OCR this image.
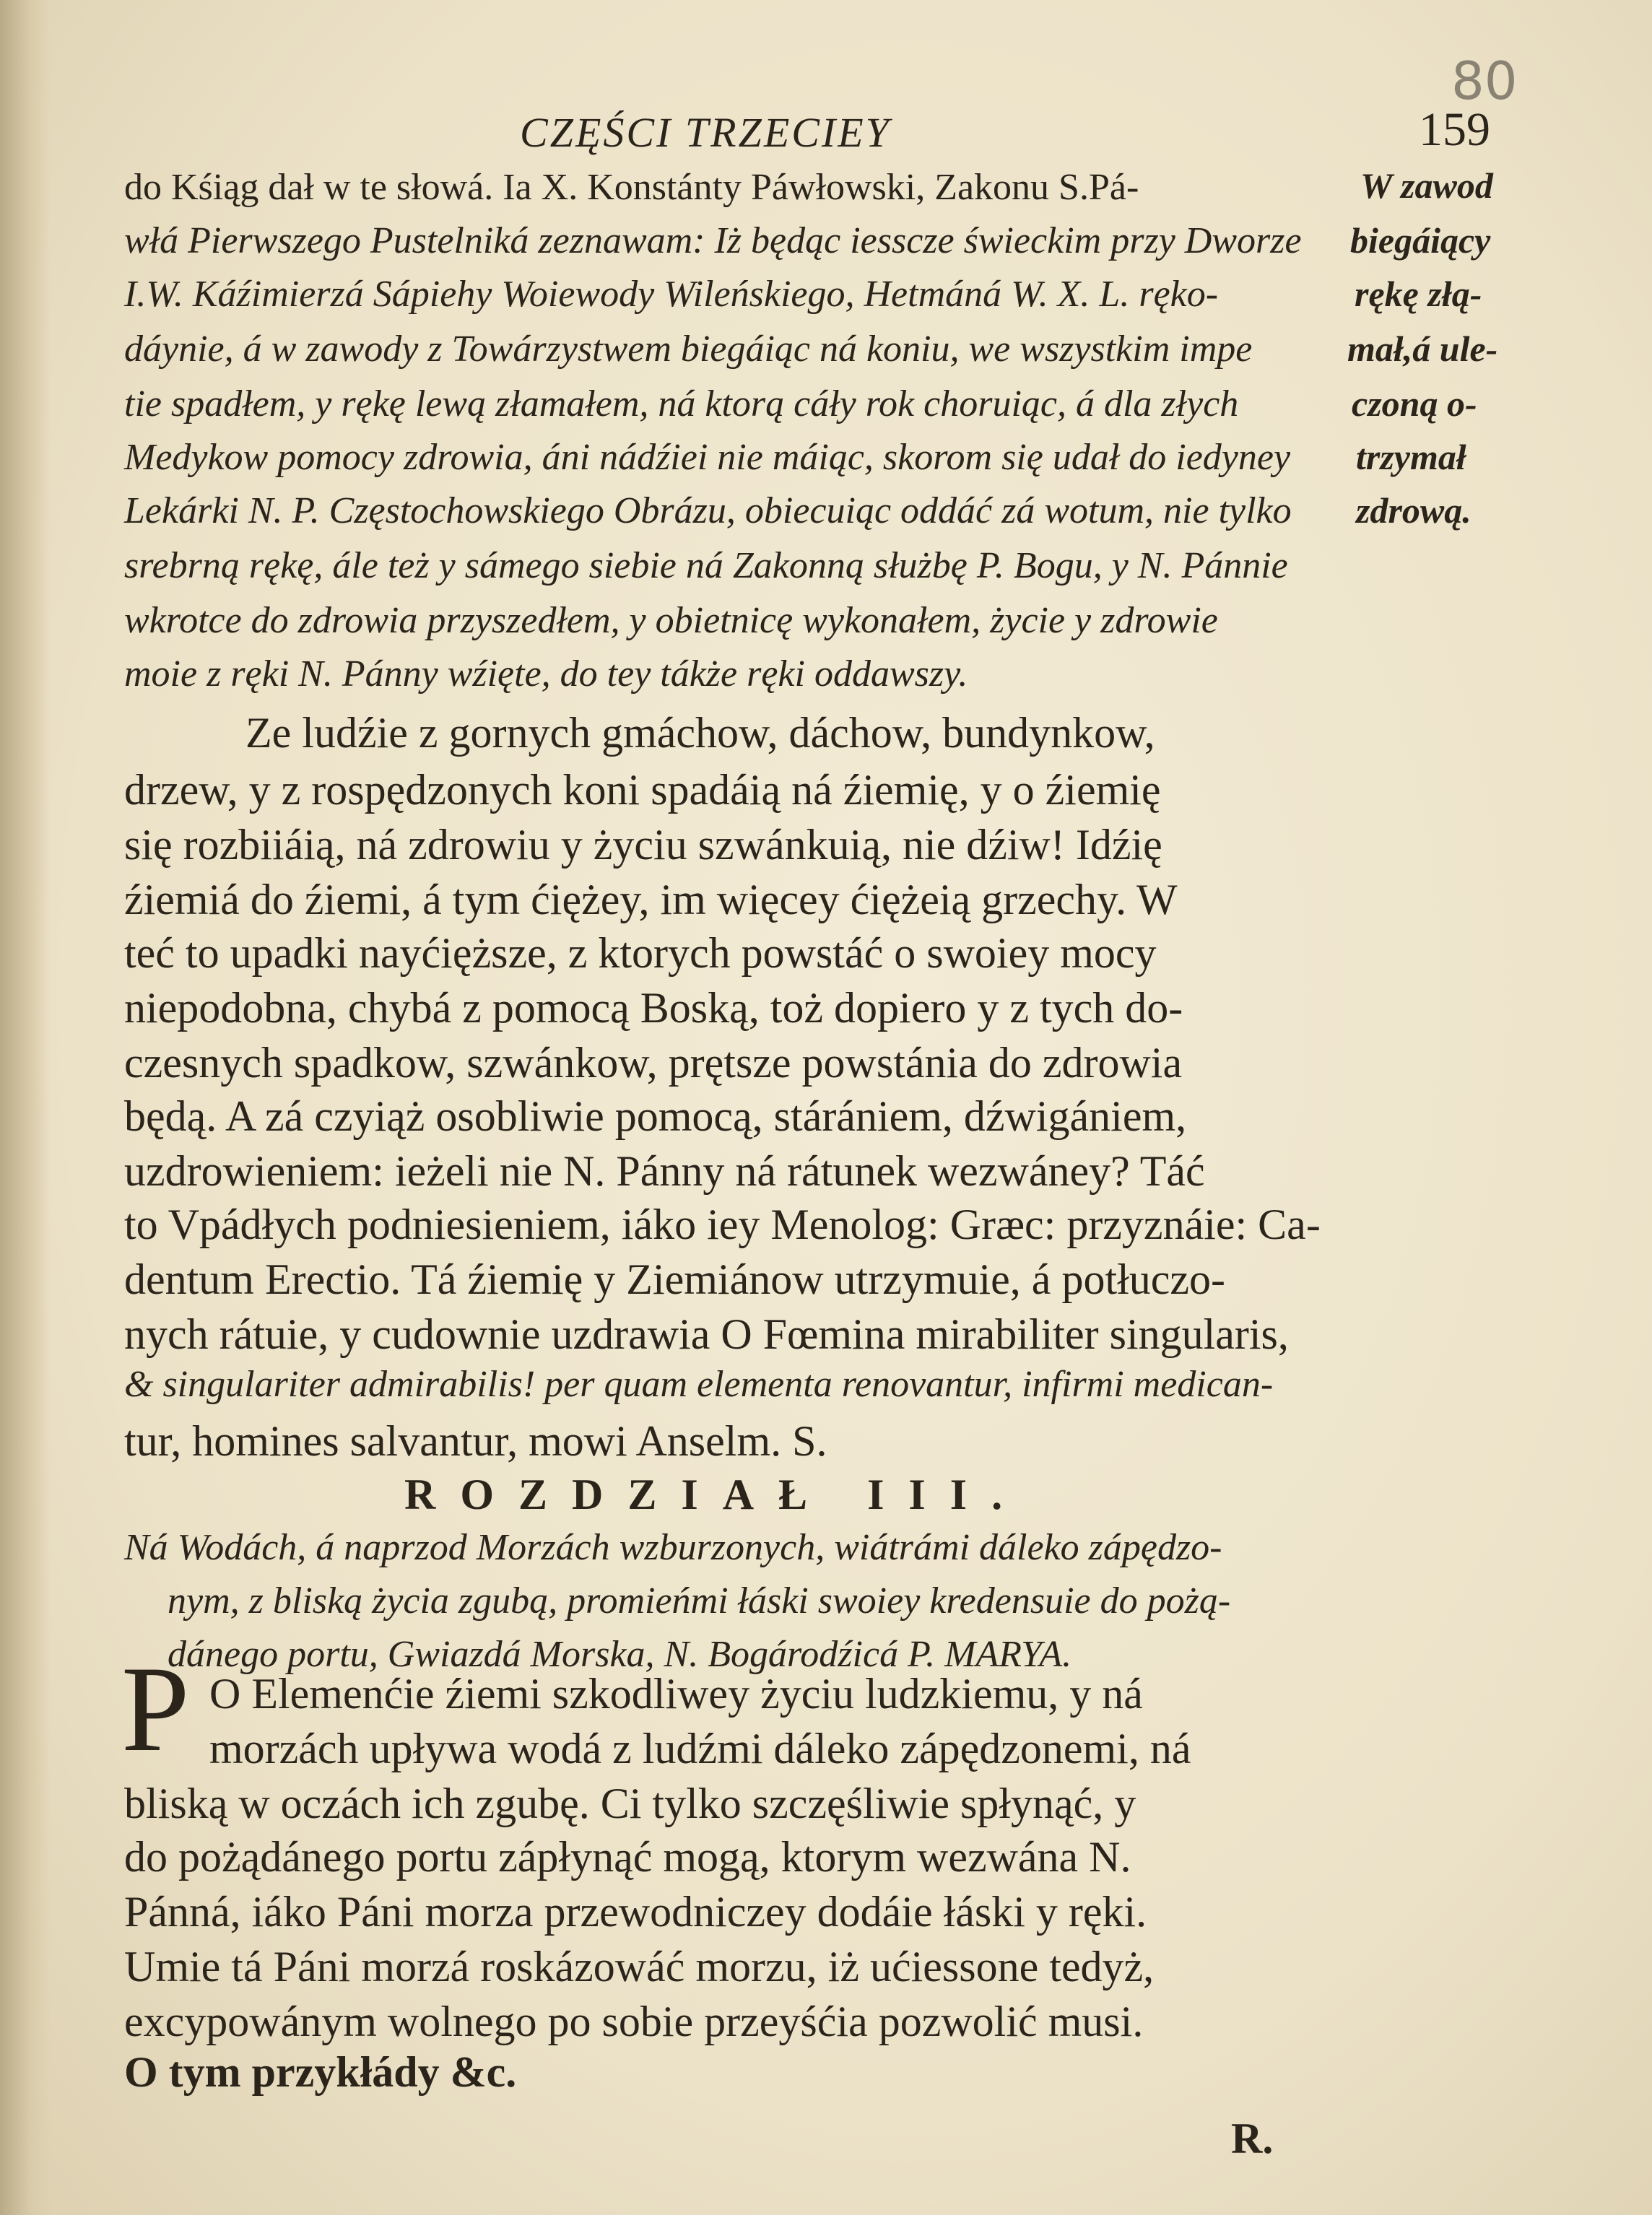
80
CZĘŚCI TRZECIEY	159
W zawod
biegáiący
rękę złą-
mał,á ule-
czoną o-
trzymał
zdrową.
do Kśiąg dał w te słowá. Ia X. Konstánty Páwłowski, Zakonu S.Pá-
włá Pierwszego Pustelniká zeznawam: Iż będąc iesscze świeckim przy Dworze
I.W. Káźimierzá Sápiehy Woiewody Wileńskiego, Hetmáná W. X. L. ręko-
dáynie, á w zawody z Towárzystwem biegáiąc ná koniu, we wszystkim impe
tie spadłem, y rękę lewą złamałem, ná ktorą cáły rok choruiąc, á dla złych
Medykow pomocy zdrowia, áni nádźiei nie máiąc, skorom się udał do iedyney
Lekárki N. P. Częstochowskiego Obrázu, obiecuiąc oddáć zá wotum, nie tylko
srebrną rękę, ále też y sámego siebie ná Zakonną służbę P. Bogu, y N. Pánnie
wkrotce do zdrowia przyszedłem, y obietnicę wykonałem, życie y zdrowie
moie z ręki N. Pánny wźięte, do tey tákże ręki oddawszy.
Ze ludźie z gornych gmáchow, dáchow, bundynkow,
drzew, y z rospędzonych koni spadáią ná źiemię, y o źiemię
się rozbiiáią, ná zdrowiu y życiu szwánkuią, nie dźiw! Idźię
źiemiá do źiemi, á tym ćiężey, im więcey ćiężeią grzechy. W
teć to upadki nayćięższe, z ktorych powstáć o swoiey mocy
niepodobna, chybá z pomocą Boską, toż dopiero y z tych do-
czesnych spadkow, szwánkow, prętsze powstánia do zdrowia
będą. A zá czyiąż osobliwie pomocą, stárániem, dźwigániem,
uzdrowieniem: ieżeli nie N. Pánny ná rátunek wezwáney? Táć
to Vpádłych podniesieniem, iáko iey Menolog: Græc: przyznáie: Ca-
dentum Erectio. Tá źiemię y Ziemiánow utrzymuie, á potłuczo-
nych rátuie, y cudownie uzdrawia O Fœmina mirabiliter singularis,
& singulariter admirabilis! per quam elementa renovantur, infirmi medican-
tur, homines salvantur, mowi Anselm. S.
ROZDZIAŁ III.
Ná Wodách, á naprzod Morzách wzburzonych, wiátrámi dáleko zápędzo-
nym, z bliską życia zgubą, promieńmi łáski swoiey kredensuie do pożą-
dánego portu, Gwiazdá Morska, N. Bogárodźicá P. MARYA.
P O Elemenćie źiemi szkodliwey życiu ludzkiemu, y ná
morzách upływa wodá z ludźmi dáleko zápędzonemi, ná
bliską w oczách ich zgubę. Ci tylko szczęśliwie spłynąć, y
do pożądánego portu zápłynąć mogą, ktorym wezwána N.
Pánná, iáko Páni morza przewodniczey dodáie łáski y ręki.
Umie tá Páni morzá roskázowáć morzu, iż ućiessone tedyż,
excypowánym wolnego po sobie przeyśćia pozwolić musi.
O tym przykłády &c.
R.
